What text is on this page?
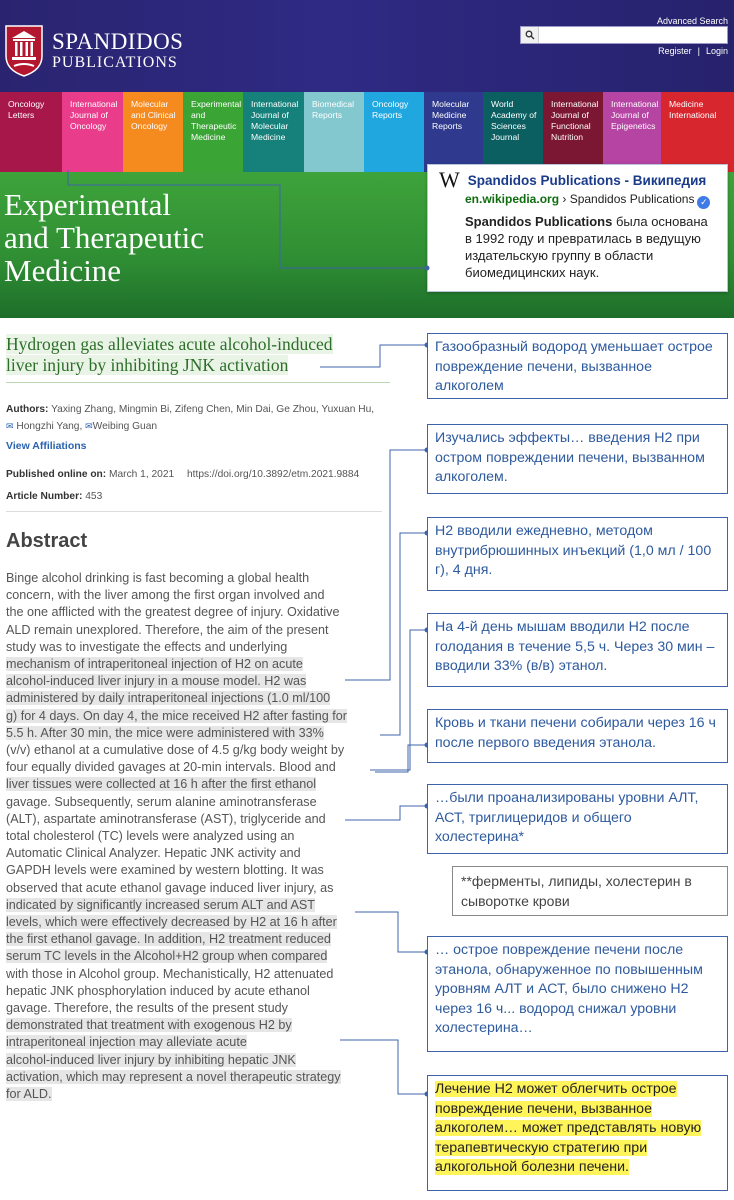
SPANDIDOS
PUBLICATIONS
Advanced Search
Register | Login
Oncology Letters
International Journal of Oncology
Molecular and Clinical Oncology
Experimental and Therapeutic Medicine
International Journal of Molecular Medicine
Biomedical Reports
Oncology Reports
Molecular Medicine Reports
World Academy of Sciences Journal
International Journal of Functional Nutrition
International Journal of Epigenetics
Medicine International
Experimental
and Therapeutic
Medicine
W Spandidos Publications - Википедия
en.wikipedia.org › Spandidos Publications ✓
Spandidos Publications была основана в 1992 году и превратилась в ведущую издательскую группу в области биомедицинских наук.
Hydrogen gas alleviates acute alcohol-induced
liver injury by inhibiting JNK activation
Authors: Yaxing Zhang, Mingmin Bi, Zifeng Chen, Min Dai, Ge Zhou, Yuxuan Hu,
✉ Hongzhi Yang, ✉Weibing Guan
View Affiliations
Published online on: March 1, 2021 https://doi.org/10.3892/etm.2021.9884
Article Number: 453
Abstract
Binge alcohol drinking is fast becoming a global health
concern, with the liver among the first organ involved and
the one afflicted with the greatest degree of injury. Oxidative
ALD remain unexplored. Therefore, the aim of the present
study was to investigate the effects and underlying
mechanism of intraperitoneal injection of H2 on acute
alcohol-induced liver injury in a mouse model. H2 was
administered by daily intraperitoneal injections (1.0 ml/100
g) for 4 days. On day 4, the mice received H2 after fasting for
5.5 h. After 30 min, the mice were administered with 33%
(v/v) ethanol at a cumulative dose of 4.5 g/kg body weight by
four equally divided gavages at 20-min intervals. Blood and
liver tissues were collected at 16 h after the first ethanol
gavage. Subsequently, serum alanine aminotransferase
(ALT), aspartate aminotransferase (AST), triglyceride and
total cholesterol (TC) levels were analyzed using an
Automatic Clinical Analyzer. Hepatic JNK activity and
GAPDH levels were examined by western blotting. It was
observed that acute ethanol gavage induced liver injury, as
indicated by significantly increased serum ALT and AST
levels, which were effectively decreased by H2 at 16 h after
the first ethanol gavage. In addition, H2 treatment reduced
serum TC levels in the Alcohol+H2 group when compared
with those in Alcohol group. Mechanistically, H2 attenuated
hepatic JNK phosphorylation induced by acute ethanol
gavage. Therefore, the results of the present study
demonstrated that treatment with exogenous H2 by
intraperitoneal injection may alleviate acute
alcohol-induced liver injury by inhibiting hepatic JNK
activation, which may represent a novel therapeutic strategy
for ALD.
Газообразный водород уменьшает острое повреждение печени, вызванное алкоголем
Изучались эффекты… введения H2 при остром повреждении печени, вызванном алкоголем.
H2 вводили ежедневно, методом внутрибрюшинных инъекций (1,0 мл / 100 г), 4 дня.
На 4-й день мышам вводили H2 после голодания в течение 5,5 ч. Через 30 мин – вводили 33% (в/в) этанол.
Кровь и ткани печени собирали через 16 ч после первого введения этанола.
…были проанализированы уровни АЛТ, АСТ, триглицеридов и общего холестерина*
**ферменты, липиды, холестерин в сыворотке крови
… острое повреждение печени после этанола, обнаруженное по повышенным уровням АЛТ и АСТ, было снижено H2 через 16 ч... водород снижал уровни холестерина…
Лечение H2 может облегчить острое повреждение печени, вызванное алкоголем… может представлять новую терапевтическую стратегию при алкогольной болезни печени.
